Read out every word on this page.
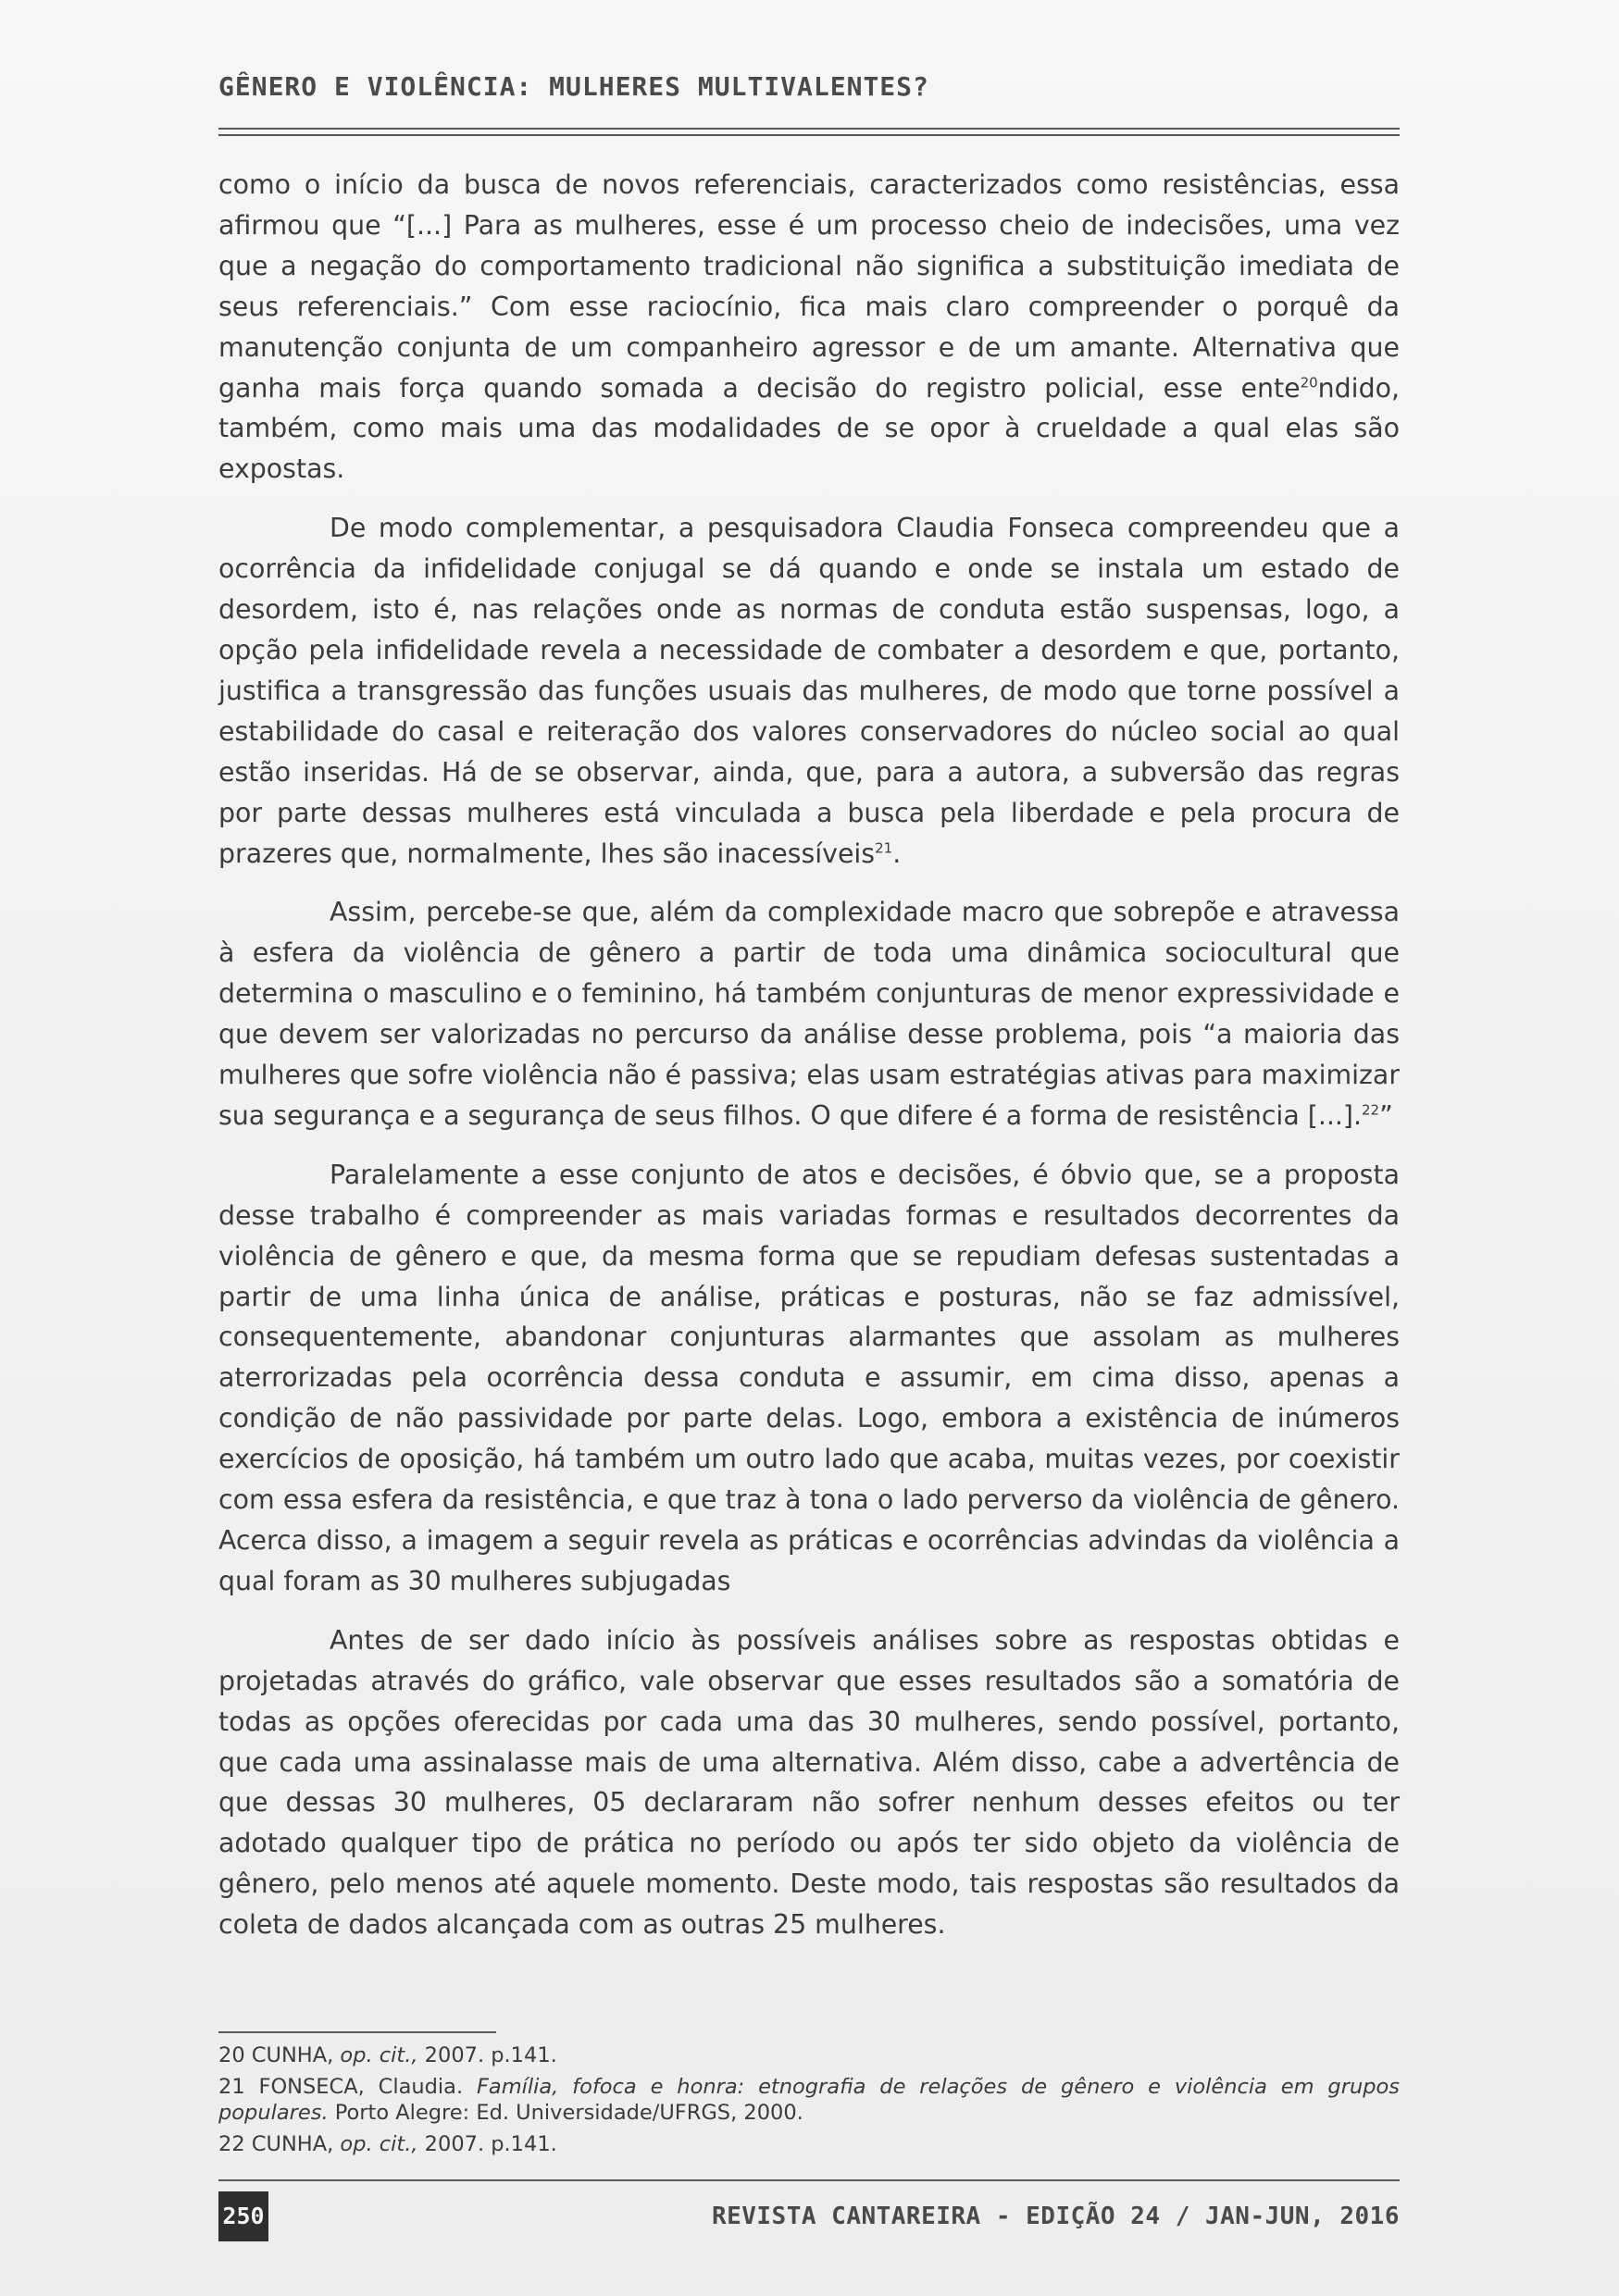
GÊNERO E VIOLÊNCIA: MULHERES MULTIVALENTES?

como o início da busca de novos referenciais, caracterizados como resistências, essa afirmou que “[...] Para as mulheres, esse é um processo cheio de indecisões, uma vez que a negação do comportamento tradicional não significa a substituição imediata de seus referenciais.” Com esse raciocínio, fica mais claro compreender o porquê da manutenção conjunta de um companheiro agressor e de um amante. Alternativa que ganha mais força quando somada a decisão do registro policial, esse ente$^{20}$ndido, também, como mais uma das modalidades de se opor à crueldade a qual elas são expostas.

De modo complementar, a pesquisadora Claudia Fonseca compreendeu que a ocorrência da infidelidade conjugal se dá quando e onde se instala um estado de desordem, isto é, nas relações onde as normas de conduta estão suspensas, logo, a opção pela infidelidade revela a necessidade de combater a desordem e que, portanto, justifica a transgressão das funções usuais das mulheres, de modo que torne possível a estabilidade do casal e reiteração dos valores conservadores do núcleo social ao qual estão inseridas. Há de se observar, ainda, que, para a autora, a subversão das regras por parte dessas mulheres está vinculada a busca pela liberdade e pela procura de prazeres que, normalmente, lhes são inacessíveis$^{21}$.

Assim, percebe-se que, além da complexidade macro que sobrepõe e atravessa à esfera da violência de gênero a partir de toda uma dinâmica sociocultural que determina o masculino e o feminino, há também conjunturas de menor expressividade e que devem ser valorizadas no percurso da análise desse problema, pois “a maioria das mulheres que sofre violência não é passiva; elas usam estratégias ativas para maximizar sua segurança e a segurança de seus filhos. O que difere é a forma de resistência [...].$^{22}$”

Paralelamente a esse conjunto de atos e decisões, é óbvio que, se a proposta desse trabalho é compreender as mais variadas formas e resultados decorrentes da violência de gênero e que, da mesma forma que se repudiam defesas sustentadas a partir de uma linha única de análise, práticas e posturas, não se faz admissível, consequentemente, abandonar conjunturas alarmantes que assolam as mulheres aterrorizadas pela ocorrência dessa conduta e assumir, em cima disso, apenas a condição de não passividade por parte delas. Logo, embora a existência de inúmeros exercícios de oposição, há também um outro lado que acaba, muitas vezes, por coexistir com essa esfera da resistência, e que traz à tona o lado perverso da violência de gênero. Acerca disso, a imagem a seguir revela as práticas e ocorrências advindas da violência a qual foram as 30 mulheres subjugadas

Antes de ser dado início às possíveis análises sobre as respostas obtidas e projetadas através do gráfico, vale observar que esses resultados são a somatória de todas as opções oferecidas por cada uma das 30 mulheres, sendo possível, portanto, que cada uma assinalasse mais de uma alternativa. Além disso, cabe a advertência de que dessas 30 mulheres, 05 declararam não sofrer nenhum desses efeitos ou ter adotado qualquer tipo de prática no período ou após ter sido objeto da violência de gênero, pelo menos até aquele momento. Deste modo, tais respostas são resultados da coleta de dados alcançada com as outras 25 mulheres.

20 CUNHA, op. cit., 2007. p.141.
21 FONSECA, Claudia. Família, fofoca e honra: etnografia de relações de gênero e violência em grupos populares. Porto Alegre: Ed. Universidade/UFRGS, 2000.
22 CUNHA, op. cit., 2007. p.141.
250	REVISTA CANTAREIRA - EDIÇÃO 24 / JAN-JUN, 2016
